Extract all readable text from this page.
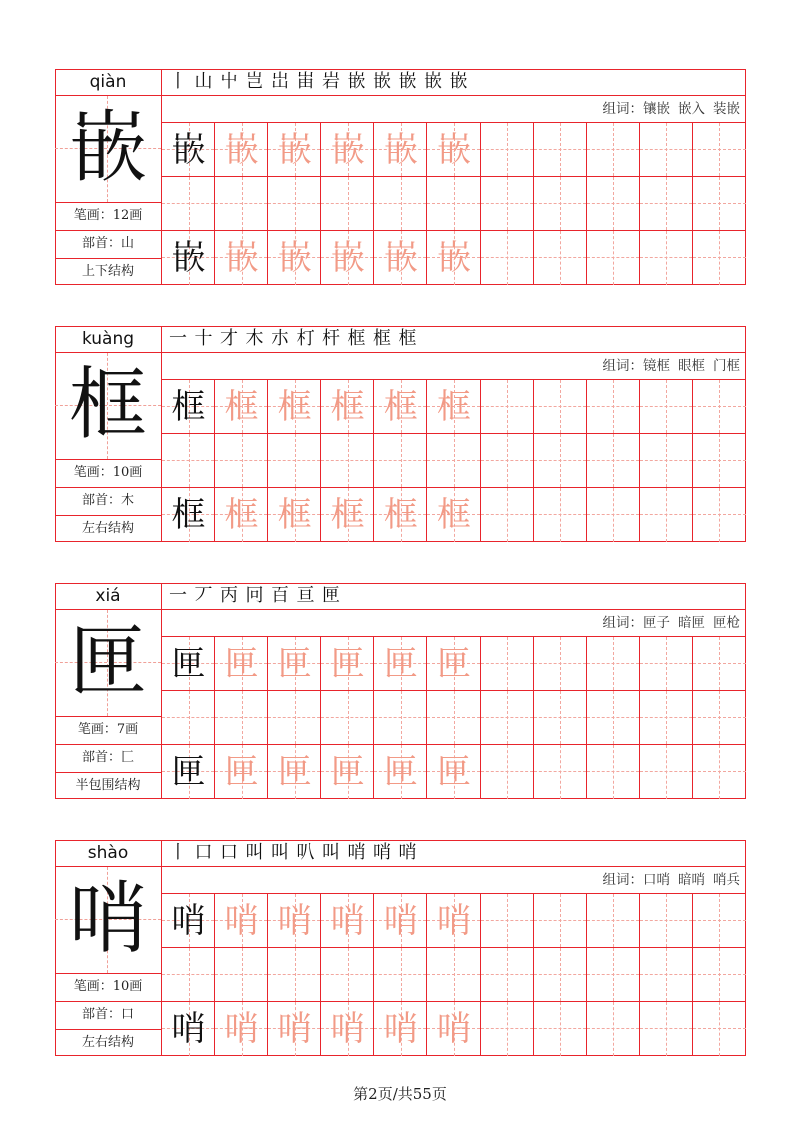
qiàn
嵌
笔画：12画
部首：山
上下结构
丨 山 屮 岂 岀 峀 岩 嵌 嵌 嵌 嵌 嵌
组词：镶嵌 嵌入 装嵌
嵌 嵌 嵌 嵌 嵌 嵌
嵌 嵌 嵌 嵌 嵌 嵌
kuàng
框
笔画：10画
部首：木
左右结构
一 十 才 木 朩 朾 杆 框 框 框
组词：镜框 眼框 门框
框 框 框 框 框 框
框 框 框 框 框 框
xiá
匣
笔画：7画
部首：匚
半包围结构
一 丆 丙 冋 百 亘 匣
组词：匣子 暗匣 匣枪
匣 匣 匣 匣 匣 匣
匣 匣 匣 匣 匣 匣
shào
哨
笔画：10画
部首：口
左右结构
丨 口 口 叫 叫 叭 叫 哨 哨 哨
组词：口哨 暗哨 哨兵
哨 哨 哨 哨 哨 哨
哨 哨 哨 哨 哨 哨
第2页/共55页
